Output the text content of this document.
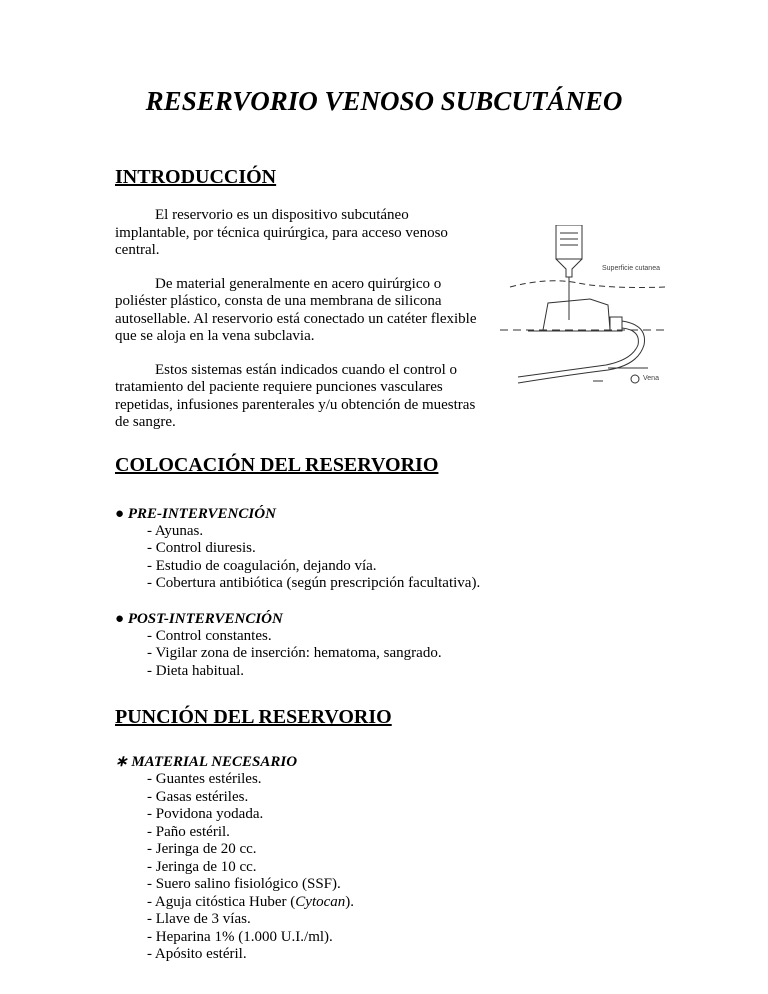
Superficie cutanea
Vena
RESERVORIO VENOSO SUBCUTÁNEO
INTRODUCCIÓN

El reservorio es un dispositivo subcutáneo implantable, por técnica quirúrgica, para acceso venoso central.

De material generalmente en acero quirúrgico o poliéster plástico, consta de una membrana de silicona autosellable. Al reservorio está conectado un catéter flexible que se aloja en la vena subclavia.

Estos sistemas están indicados cuando el control o tratamiento del paciente requiere punciones vasculares repetidas, infusiones parenterales y/u obtención de muestras de sangre.

COLOCACIÓN DEL RESERVORIO
● PRE-INTERVENCIÓN
- Ayunas.
- Control diuresis.
- Estudio de coagulación, dejando vía.
- Cobertura antibiótica (según prescripción facultativa).
● POST-INTERVENCIÓN
- Control constantes.
- Vigilar zona de inserción: hematoma, sangrado.
- Dieta habitual.
PUNCIÓN DEL RESERVORIO
∗ MATERIAL NECESARIO
- Guantes estériles.
- Gasas estériles.
- Povidona yodada.
- Paño estéril.
- Jeringa de 20 cc.
- Jeringa de 10 cc.
- Suero salino fisiológico (SSF).
- Aguja citóstica Huber (Cytocan).
- Llave de 3 vías.
- Heparina 1% (1.000 U.I./ml).
- Apósito estéril.
